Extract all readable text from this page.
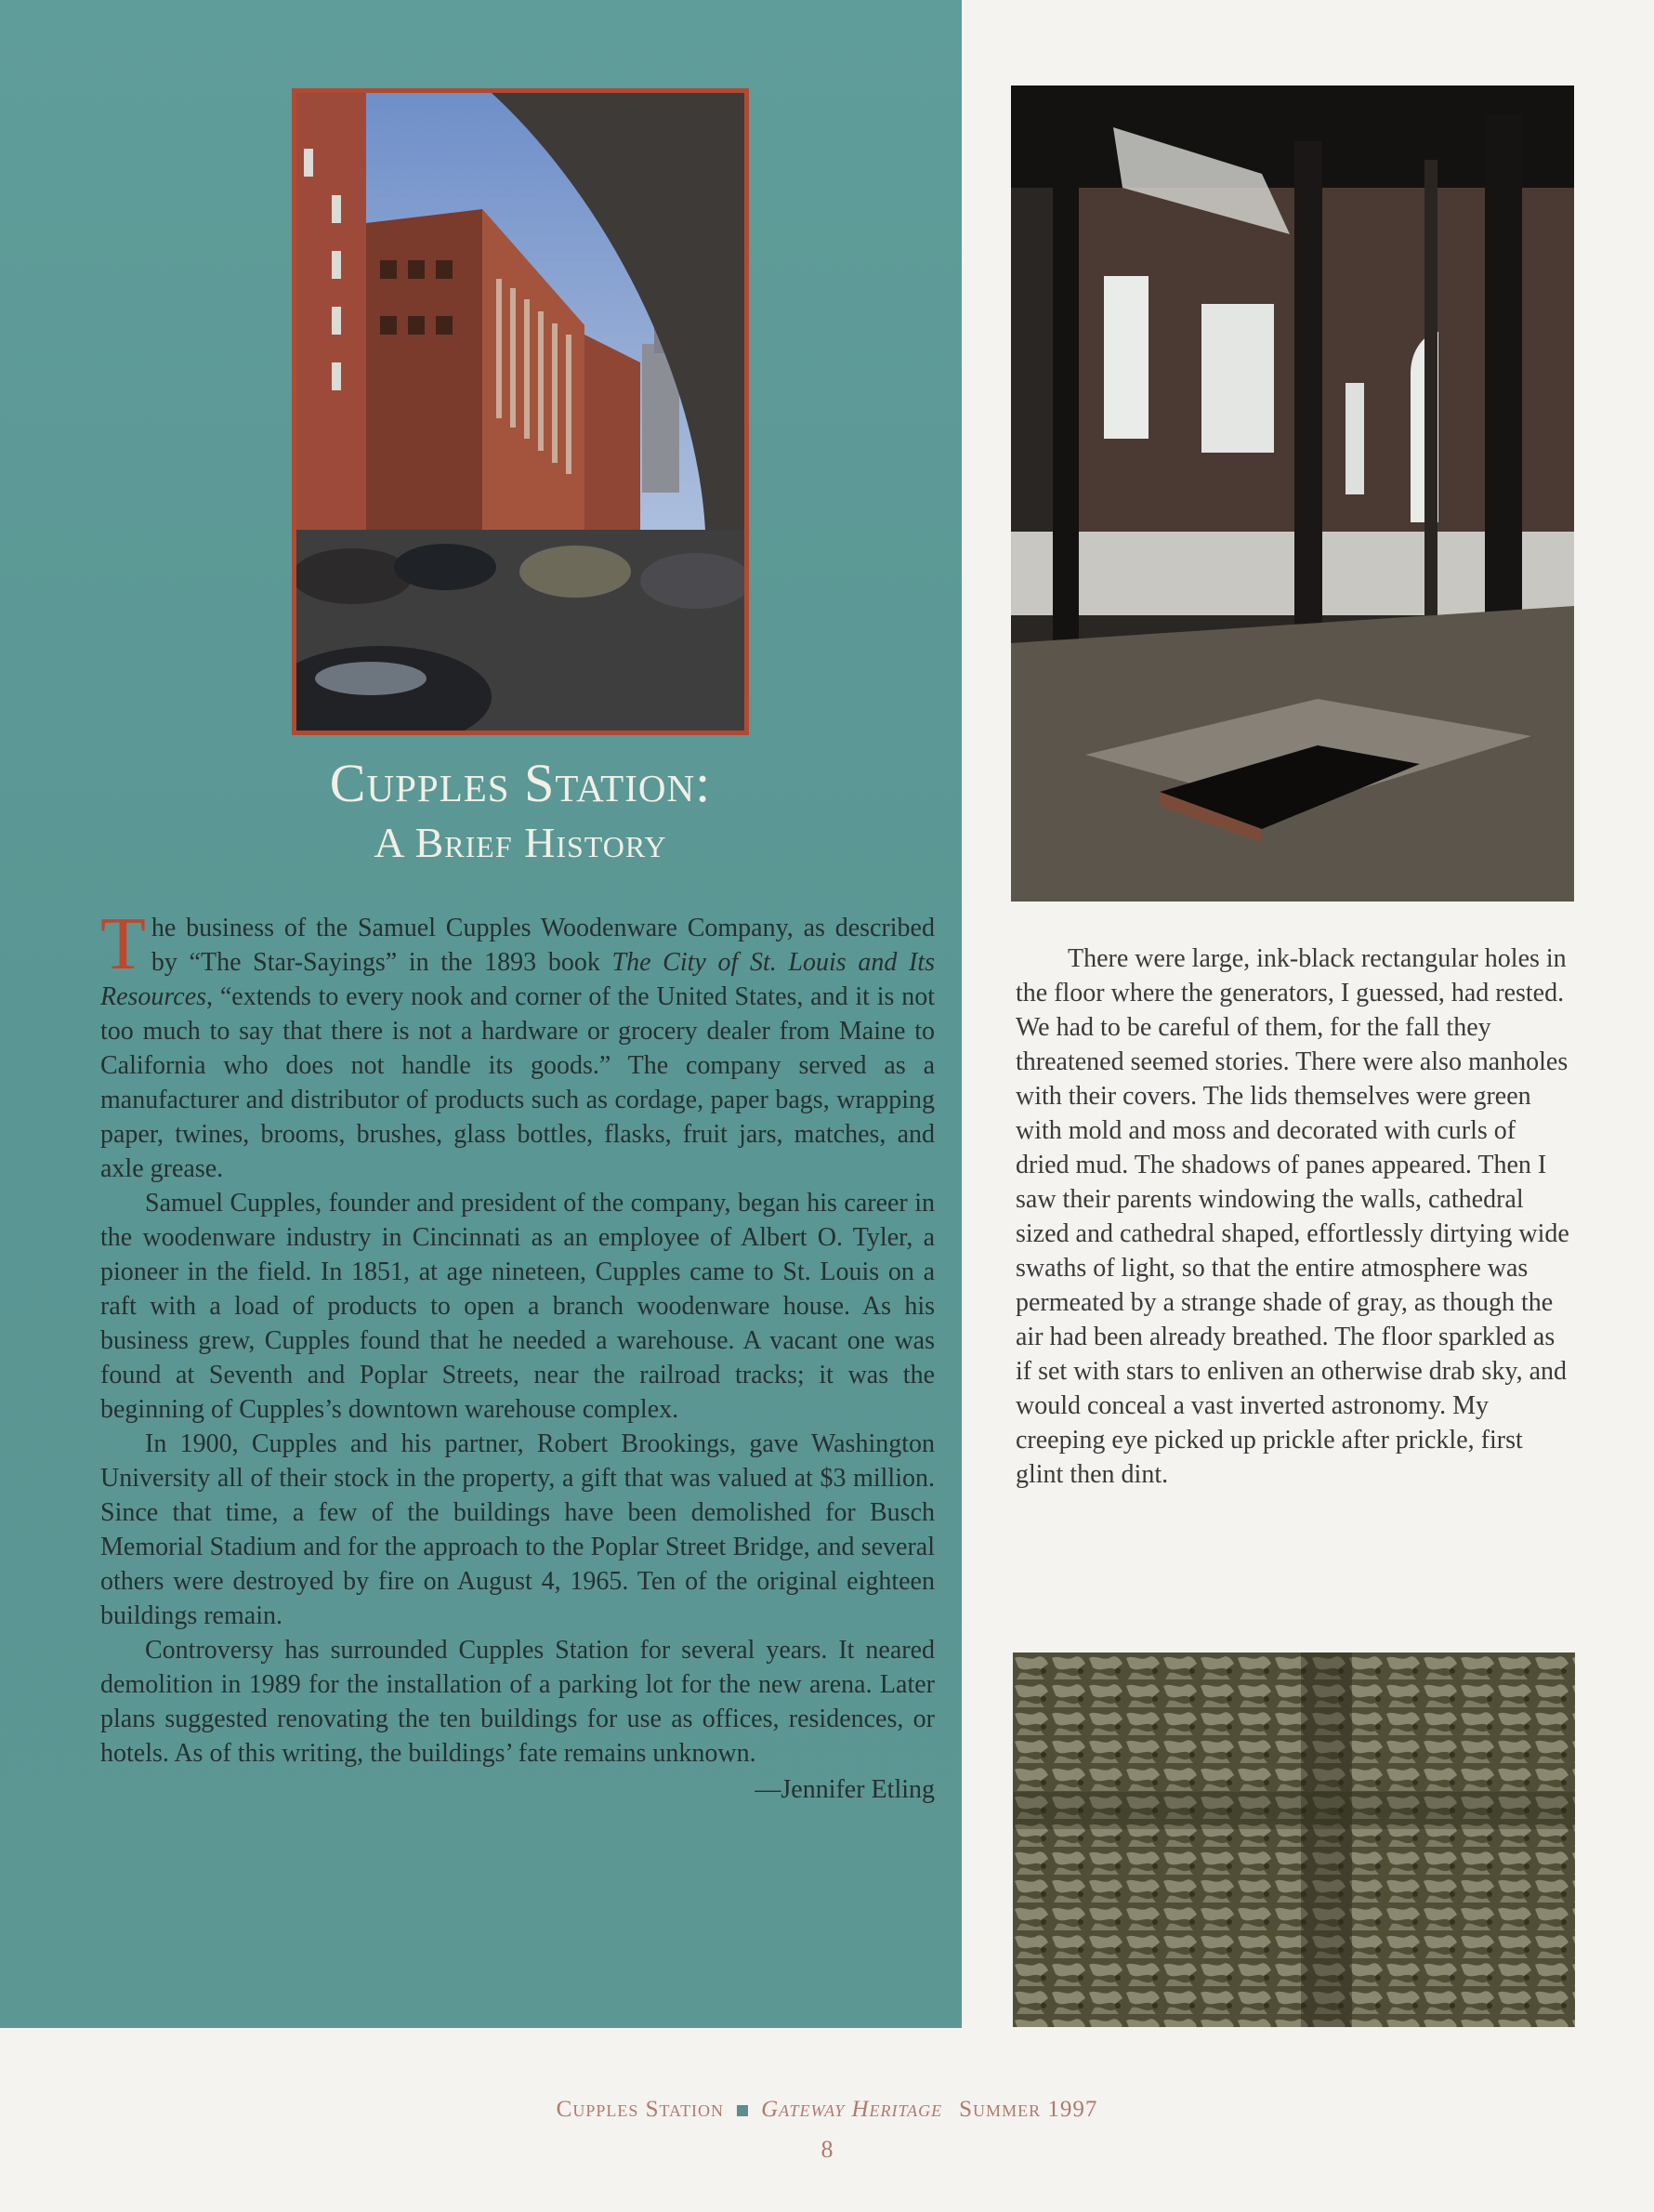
Cupples Station:
A Brief History

The business of the Samuel Cupples Woodenware Company, as described by “The Star-Sayings” in the 1893 book The City of St. Louis and Its Resources, “extends to every nook and corner of the United States, and it is not too much to say that there is not a hardware or grocery dealer from Maine to California who does not handle its goods.” The company served as a manufacturer and distributor of products such as cordage, paper bags, wrapping paper, twines, brooms, brushes, glass bottles, flasks, fruit jars, matches, and axle grease.

Samuel Cupples, founder and president of the company, began his career in the woodenware industry in Cincinnati as an employee of Albert O. Tyler, a pioneer in the field. In 1851, at age nineteen, Cupples came to St. Louis on a raft with a load of products to open a branch woodenware house. As his business grew, Cupples found that he needed a warehouse. A vacant one was found at Seventh and Poplar Streets, near the railroad tracks; it was the beginning of Cupples’s downtown warehouse complex.

In 1900, Cupples and his partner, Robert Brookings, gave Washington University all of their stock in the property, a gift that was valued at $3 million. Since that time, a few of the buildings have been demolished for Busch Memorial Stadium and for the approach to the Poplar Street Bridge, and several others were destroyed by fire on August 4, 1965. Ten of the original eighteen buildings remain.

Controversy has surrounded Cupples Station for several years. It neared demolition in 1989 for the installation of a parking lot for the new arena. Later plans suggested renovating the ten buildings for use as offices, residences, or hotels. As of this writing, the buildings’ fate remains unknown.

—Jennifer Etling

There were large, ink-black rectangular holes in the floor where the generators, I guessed, had rested. We had to be careful of them, for the fall they threatened seemed stories. There were also manholes with their covers. The lids themselves were green with mold and moss and decorated with curls of dried mud. The shadows of panes appeared. Then I saw their parents windowing the walls, cathedral sized and cathedral shaped, effortlessly dirtying wide swaths of light, so that the entire atmosphere was permeated by a strange shade of gray, as though the air had been already breathed. The floor sparkled as if set with stars to enliven an otherwise drab sky, and would conceal a vast inverted astronomy. My creeping eye picked up prickle after prickle, first glint then dint.

Cupples Station Gateway Heritage Summer 1997
8
